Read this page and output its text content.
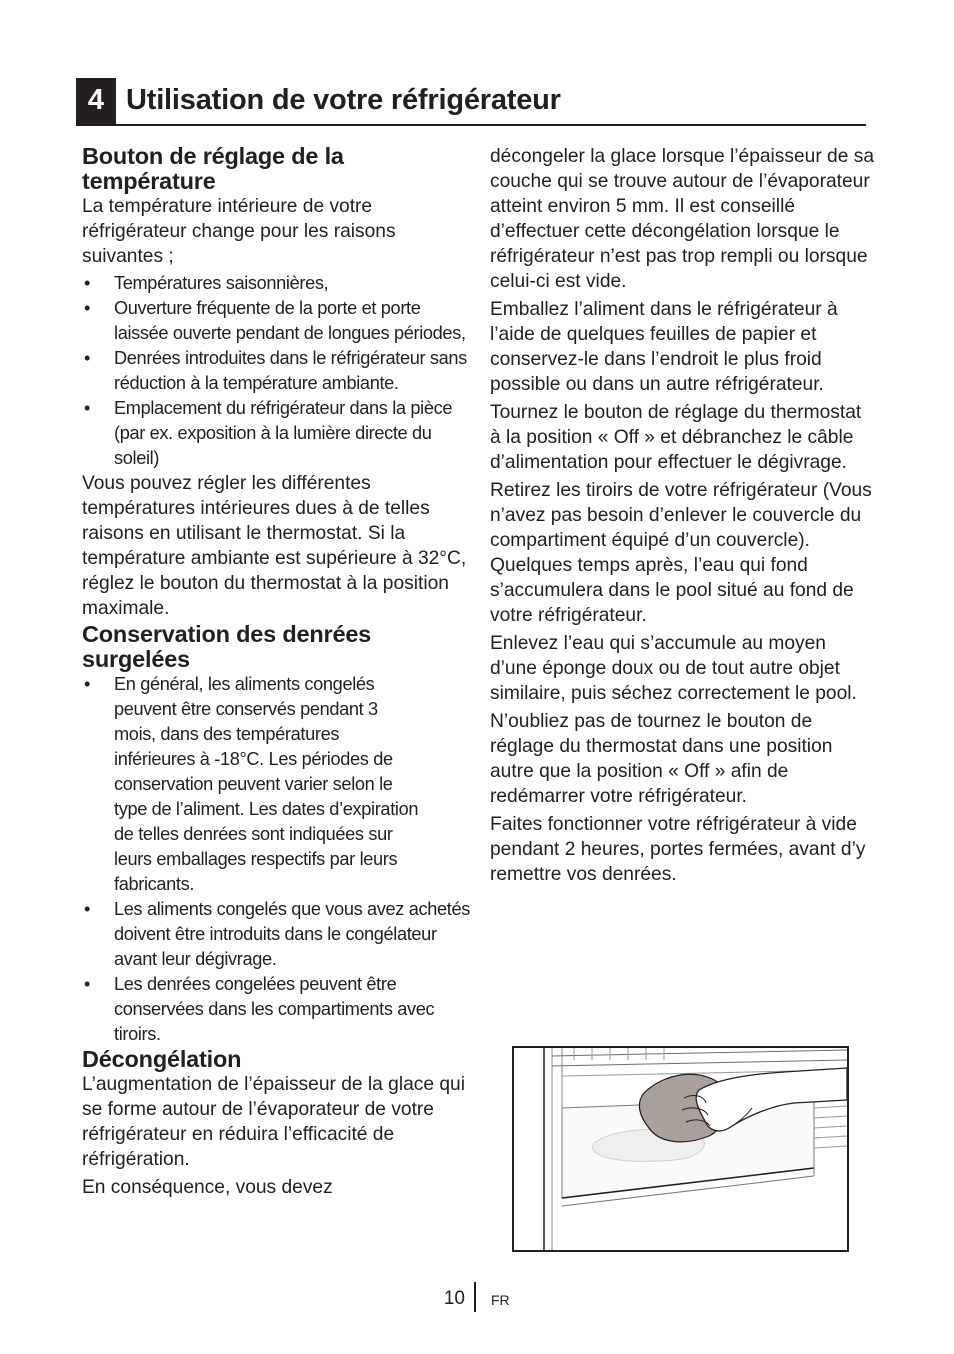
4 Utilisation de votre réfrigérateur
Bouton de réglage de la température

La température intérieure de votre réfrigérateur change pour les raisons suivantes ;

• Températures saisonnières,
• Ouverture fréquente de la porte et porte laissée ouverte pendant de longues périodes,
• Denrées introduites dans le réfrigérateur sans réduction à la température ambiante.
• Emplacement du réfrigérateur dans la pièce (par ex. exposition à la lumière directe du soleil)

Vous pouvez régler les différentes températures intérieures dues à de telles raisons en utilisant le thermostat. Si la température ambiante est supérieure à 32°C, réglez le bouton du thermostat à la position maximale.

Conservation des denrées surgelées
• En général, les aliments congelés peuvent être conservés pendant 3 mois, dans des températures inférieures à -18°C. Les périodes de conservation peuvent varier selon le type de l’aliment. Les dates d’expiration de telles denrées sont indiquées sur leurs emballages respectifs par leurs fabricants.
• Les aliments congelés que vous avez achetés doivent être introduits dans le congélateur avant leur dégivrage.
• Les denrées congelées peuvent être conservées dans les compartiments avec tiroirs.
Décongélation

L’augmentation de l’épaisseur de la glace qui se forme autour de l’évaporateur de votre réfrigérateur en réduira l’efficacité de réfrigération.

En conséquence, vous devez

décongeler la glace lorsque l’épaisseur de sa couche qui se trouve autour de l’évaporateur atteint environ 5 mm. Il est conseillé d’effectuer cette décongélation lorsque le réfrigérateur n’est pas trop rempli ou lorsque celui-ci est vide.

Emballez l’aliment dans le réfrigérateur à l’aide de quelques feuilles de papier et conservez-le dans l’endroit le plus froid possible ou dans un autre réfrigérateur.

Tournez le bouton de réglage du thermostat à la position « Off » et débranchez le câble d’alimentation pour effectuer le dégivrage.

Retirez les tiroirs de votre réfrigérateur (Vous n’avez pas besoin d’enlever le couvercle du compartiment équipé d’un couvercle). Quelques temps après, l’eau qui fond s’accumulera dans le pool situé au fond de votre réfrigérateur.

Enlevez l’eau qui s’accumule au moyen d’une éponge doux ou de tout autre objet similaire, puis séchez correctement le pool.

N’oubliez pas de tournez le bouton de réglage du thermostat dans une position autre que la position « Off » afin de redémarrer votre réfrigérateur.

Faites fonctionner votre réfrigérateur à vide pendant 2 heures, portes fermées, avant d’y remettre vos denrées.

10 FR
